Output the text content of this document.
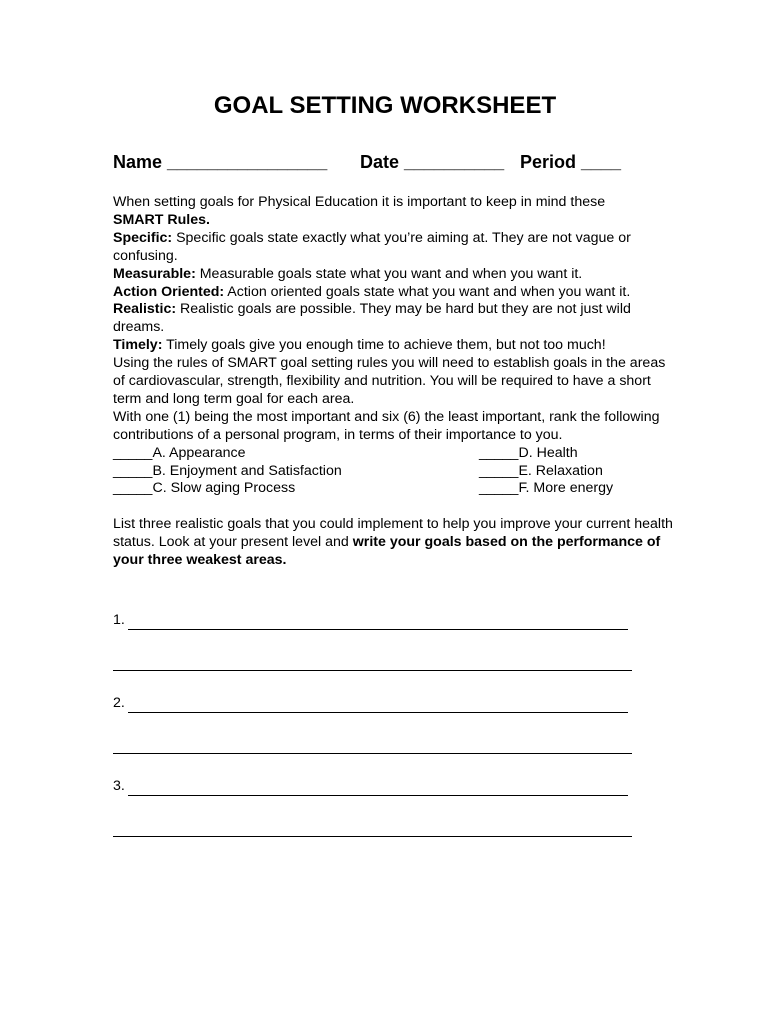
GOAL SETTING WORKSHEET

Name ________________

Date __________

Period ____

When setting goals for Physical Education it is important to keep in mind these
SMART Rules.

Specific: Specific goals state exactly what you’re aiming at. They are not vague or confusing.

Measurable: Measurable goals state what you want and when you want it.

Action Oriented: Action oriented goals state what you want and when you want it.

Realistic: Realistic goals are possible. They may be hard but they are not just wild dreams.

Timely: Timely goals give you enough time to achieve them, but not too much!

Using the rules of SMART goal setting rules you will need to establish goals in the areas of cardiovascular, strength, flexibility and nutrition. You will be required to have a short term and long term goal for each area.

With one (1) being the most important and six (6) the least important, rank the following contributions of a personal program, in terms of their importance to you.

_____A. Appearance	_____D. Health
_____B. Enjoyment and Satisfaction	_____E. Relaxation
_____C. Slow aging Process	_____F. More energy

List three realistic goals that you could implement to help you improve your current health status. Look at your present level and write your goals based on the performance of your three weakest areas.

1.
2.
3.
